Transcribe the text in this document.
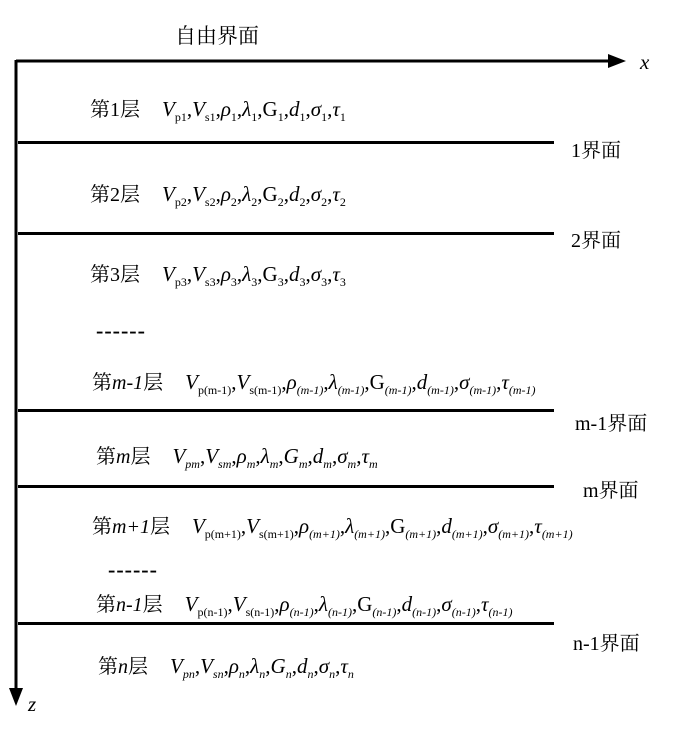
自由界面
x
z
1界面
2界面
m-1界面
m界面
n-1界面
------
------
第1层 $V_{p1},V_{s1},\rho_1,\lambda_1,G_1,d_1,\sigma_1,\tau_1$
第2层 $V_{p2},V_{s2},\rho_2,\lambda_2,G_2,d_2,\sigma_2,\tau_2$
第3层 $V_{p3},V_{s3},\rho_3,\lambda_3,G_3,d_3,\sigma_3,\tau_3$
第m-1层 $V_{p(m-1)},V_{s(m-1)},\rho_{(m-1)},\lambda_{(m-1)},G_{(m-1)},d_{(m-1)},\sigma_{(m-1)},\tau_{(m-1)}$
第m层 $V_{pm},V_{sm},\rho_m,\lambda_m,G_m,d_m,\sigma_m,\tau_m$
第m+1层 $V_{p(m+1)},V_{s(m+1)},\rho_{(m+1)},\lambda_{(m+1)},G_{(m+1)},d_{(m+1)},\sigma_{(m+1)},\tau_{(m+1)}$
第n-1层 $V_{p(n-1)},V_{s(n-1)},\rho_{(n-1)},\lambda_{(n-1)},G_{(n-1)},d_{(n-1)},\sigma_{(n-1)},\tau_{(n-1)}$
第n层 $V_{pn},V_{sn},\rho_n,\lambda_n,G_n,d_n,\sigma_n,\tau_n$
